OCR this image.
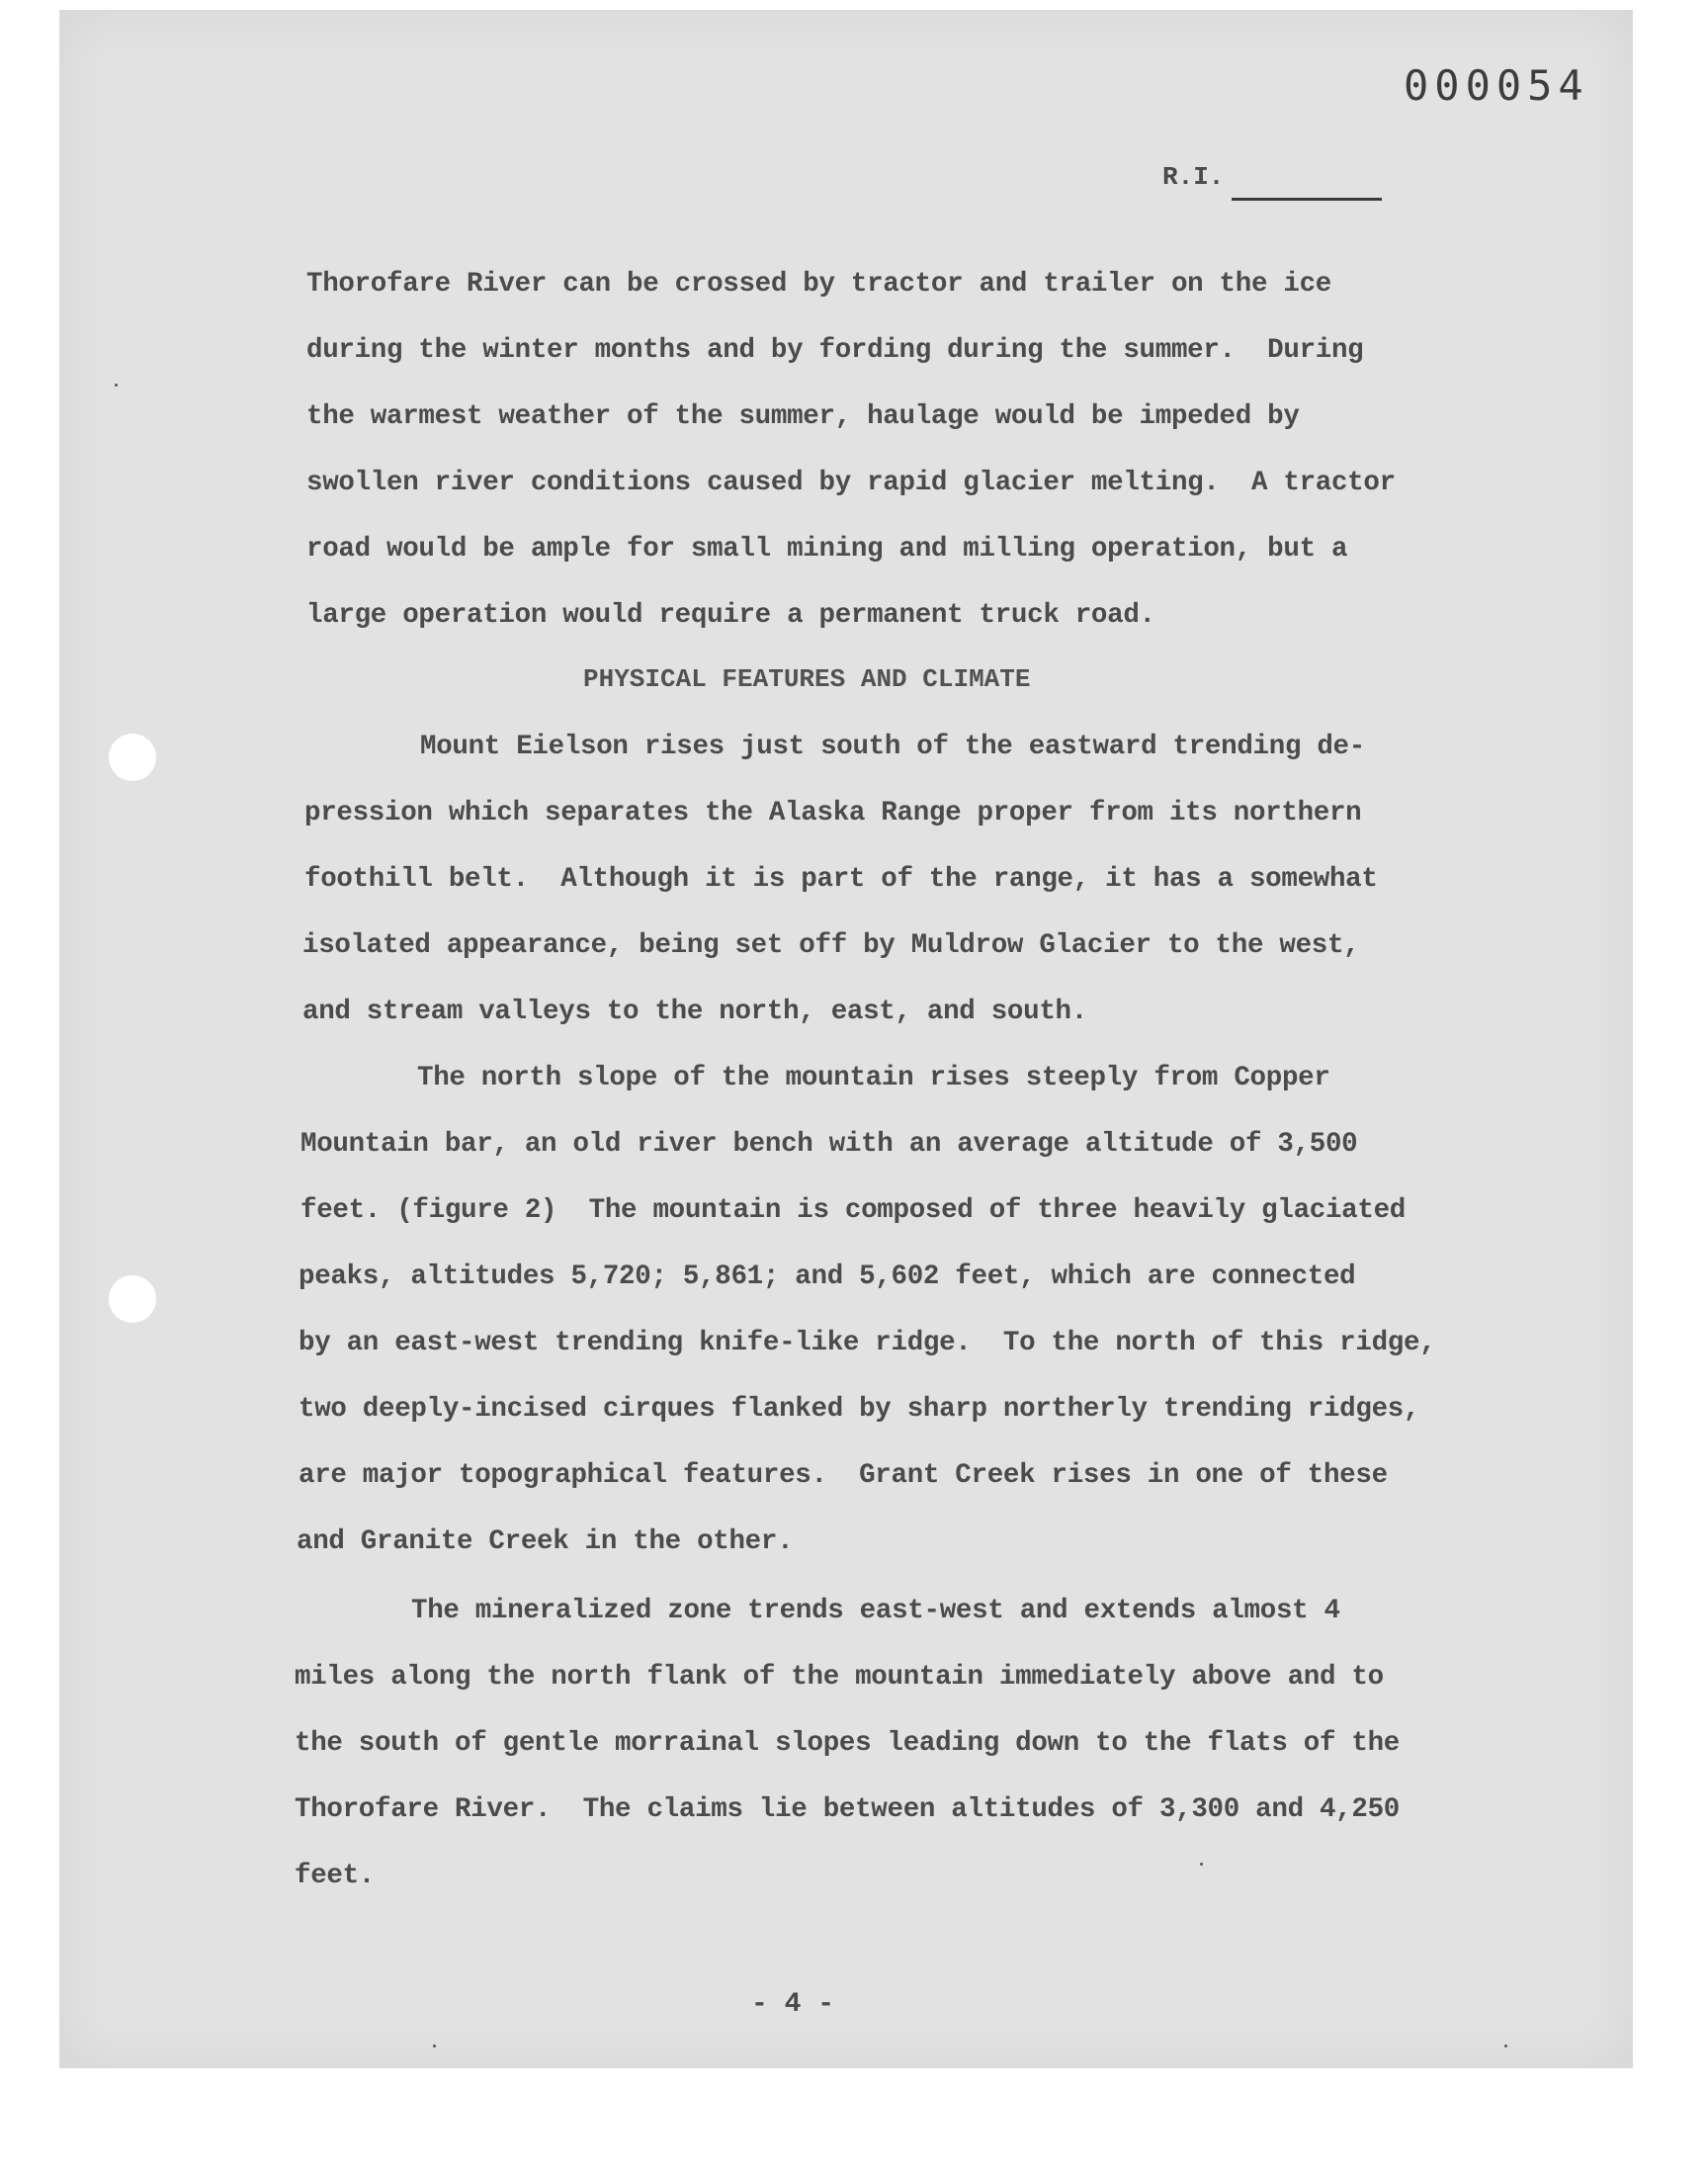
000054
R.I.
Thorofare River can be crossed by tractor and trailer on the ice
during the winter months and by fording during the summer.  During
the warmest weather of the summer, haulage would be impeded by
swollen river conditions caused by rapid glacier melting.  A tractor
road would be ample for small mining and milling operation, but a
large operation would require a permanent truck road.
PHYSICAL FEATURES AND CLIMATE
Mount Eielson rises just south of the eastward trending de-
pression which separates the Alaska Range proper from its northern
foothill belt.  Although it is part of the range, it has a somewhat
isolated appearance, being set off by Muldrow Glacier to the west,
and stream valleys to the north, east, and south.
The north slope of the mountain rises steeply from Copper
Mountain bar, an old river bench with an average altitude of 3,500
feet. (figure 2)  The mountain is composed of three heavily glaciated
peaks, altitudes 5,720; 5,861; and 5,602 feet, which are connected
by an east-west trending knife-like ridge.  To the north of this ridge,
two deeply-incised cirques flanked by sharp northerly trending ridges,
are major topographical features.  Grant Creek rises in one of these
and Granite Creek in the other.
The mineralized zone trends east-west and extends almost 4
miles along the north flank of the mountain immediately above and to
the south of gentle morrainal slopes leading down to the flats of the
Thorofare River.  The claims lie between altitudes of 3,300 and 4,250
feet.
- 4 -
